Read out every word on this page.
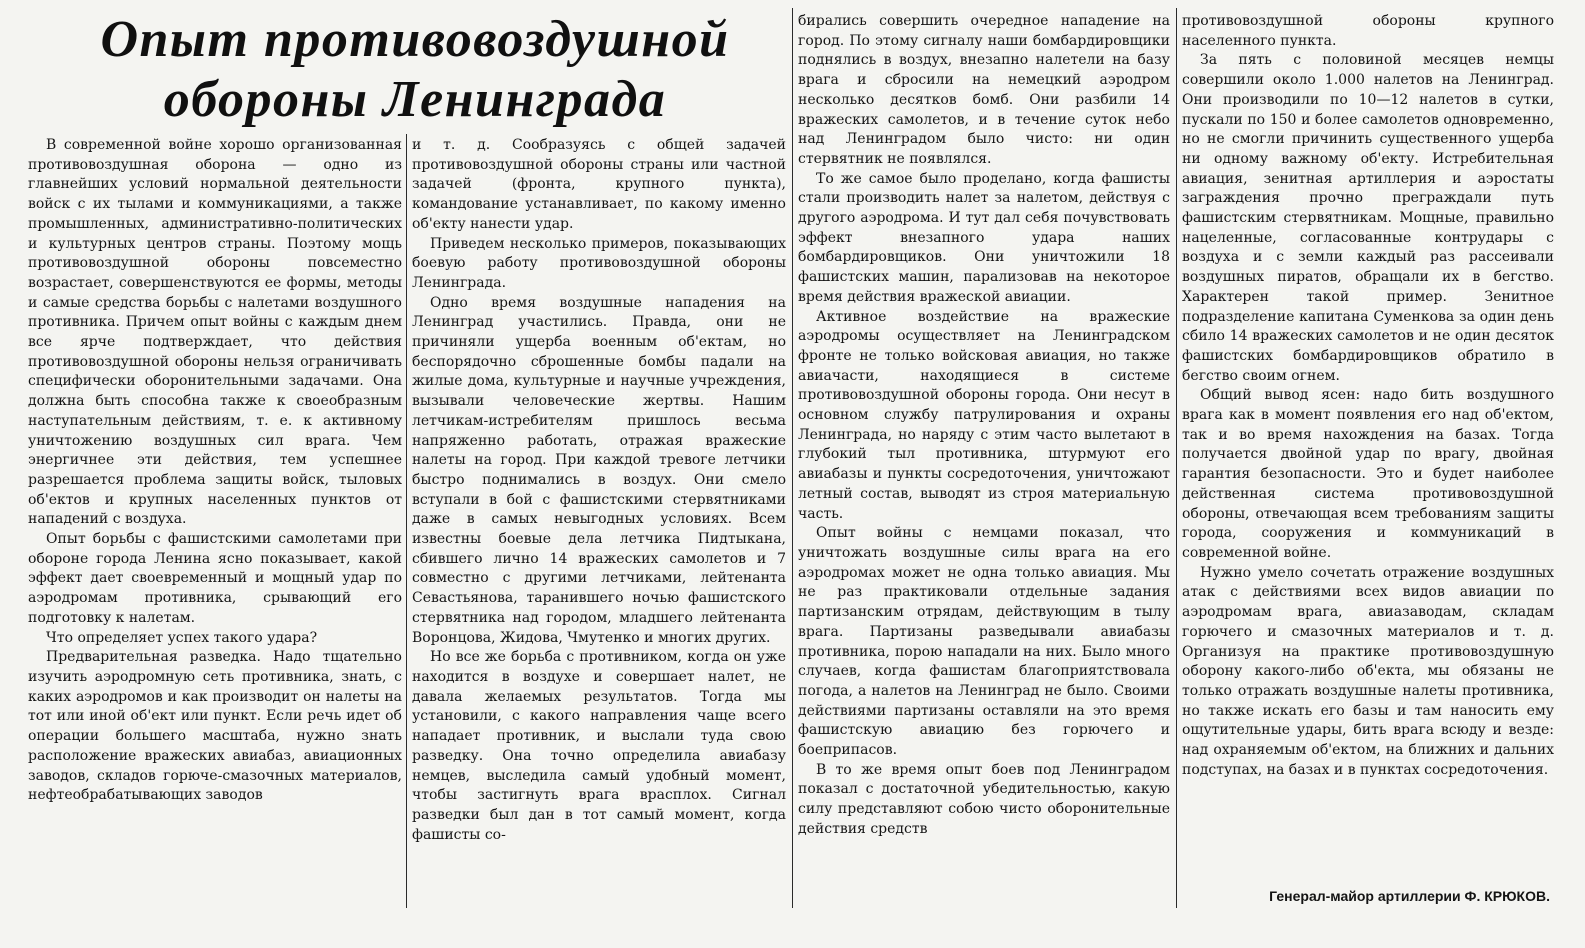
Опыт противовоздушной обороны Ленинграда

В современной войне хорошо организованная противовоздушная оборона — одно из главнейших условий нормальной деятельности войск с их тылами и коммуникациями, а также промышленных, административно-политических и культурных центров страны. Поэтому мощь противовоздушной обороны повсеместно возрастает, совершенствуются ее формы, методы и самые средства борьбы с налетами воздушного противника. Причем опыт войны с каждым днем все ярче подтверждает, что действия противовоздушной обороны нельзя ограничивать специфически оборонительными задачами. Она должна быть способна также к своеобразным наступательным действиям, т. е. к активному уничтожению воздушных сил врага. Чем энергичнее эти действия, тем успешнее разрешается проблема защиты войск, тыловых об'ектов и крупных населенных пунктов от нападений с воздуха.

Опыт борьбы с фашистскими самолетами при обороне города Ленина ясно показывает, какой эффект дает своевременный и мощный удар по аэродромам противника, срывающий его подготовку к налетам.

Что определяет успех такого удара?

Предварительная разведка. Надо тщательно изучить аэродромную сеть противника, знать, с каких аэродромов и как производит он налеты на тот или иной об'ект или пункт. Если речь идет об операции большего масштаба, нужно знать расположение вражеских авиабаз, авиационных заводов, складов горюче-смазочных материалов, нефтеобрабатывающих заводов

и т. д. Сообразуясь с общей задачей противовоздушной обороны страны или частной задачей (фронта, крупного пункта), командование устанавливает, по какому именно об'екту нанести удар.

Приведем несколько примеров, показывающих боевую работу противовоздушной обороны Ленинграда.

Одно время воздушные нападения на Ленинград участились. Правда, они не причиняли ущерба военным об'ектам, но беспорядочно сброшенные бомбы падали на жилые дома, культурные и научные учреждения, вызывали человеческие жертвы. Нашим летчикам-истребителям пришлось весьма напряженно работать, отражая вражеские налеты на город. При каждой тревоге летчики быстро поднимались в воздух. Они смело вступали в бой с фашистскими стервятниками даже в самых невыгодных условиях. Всем известны боевые дела летчика Пидтыкана, сбившего лично 14 вражеских самолетов и 7 совместно с другими летчиками, лейтенанта Севастьянова, таранившего ночью фашистского стервятника над городом, младшего лейтенанта Воронцова, Жидова, Чмутенко и многих других.

Но все же борьба с противником, когда он уже находится в воздухе и совершает налет, не давала желаемых результатов. Тогда мы установили, с какого направления чаще всего нападает противник, и выслали туда свою разведку. Она точно определила авиабазу немцев, выследила самый удобный момент, чтобы застигнуть врага врасплох. Сигнал разведки был дан в тот самый момент, когда фашисты со-

бирались совершить очередное нападение на город. По этому сигналу наши бомбардировщики поднялись в воздух, внезапно налетели на базу врага и сбросили на немецкий аэродром несколько десятков бомб. Они разбили 14 вражеских самолетов, и в течение суток небо над Ленинградом было чисто: ни один стервятник не появлялся.

То же самое было проделано, когда фашисты стали производить налет за налетом, действуя с другого аэродрома. И тут дал себя почувствовать эффект внезапного удара наших бомбардировщиков. Они уничтожили 18 фашистских машин, парализовав на некоторое время действия вражеской авиации.

Активное воздействие на вражеские аэродромы осуществляет на Ленинградском фронте не только войсковая авиация, но также авиачасти, находящиеся в системе противовоздушной обороны города. Они несут в основном службу патрулирования и охраны Ленинграда, но наряду с этим часто вылетают в глубокий тыл противника, штурмуют его авиабазы и пункты сосредоточения, уничтожают летный состав, выводят из строя материальную часть.

Опыт войны с немцами показал, что уничтожать воздушные силы врага на его аэродромах может не одна только авиация. Мы не раз практиковали отдельные задания партизанским отрядам, действующим в тылу врага. Партизаны разведывали авиабазы противника, порою нападали на них. Было много случаев, когда фашистам благоприятствовала погода, а налетов на Ленинград не было. Своими действиями партизаны оставляли на это время фашистскую авиацию без горючего и боеприпасов.

В то же время опыт боев под Ленинградом показал с достаточной убедительностью, какую силу представляют собою чисто оборонительные действия средств

противовоздушной обороны крупного населенного пункта.

За пять с половиной месяцев немцы совершили около 1.000 налетов на Ленинград. Они производили по 10—12 налетов в сутки, пускали по 150 и более самолетов одновременно, но не смогли причинить существенного ущерба ни одному важному об'екту. Истребительная авиация, зенитная артиллерия и аэростаты заграждения прочно преграждали путь фашистским стервятникам. Мощные, правильно нацеленные, согласованные контрудары с воздуха и с земли каждый раз рассеивали воздушных пиратов, обращали их в бегство. Характерен такой пример. Зенитное подразделение капитана Суменкова за один день сбило 14 вражеских самолетов и не один десяток фашистских бомбардировщиков обратило в бегство своим огнем.

Общий вывод ясен: надо бить воздушного врага как в момент появления его над об'ектом, так и во время нахождения на базах. Тогда получается двойной удар по врагу, двойная гарантия безопасности. Это и будет наиболее действенная система противовоздушной обороны, отвечающая всем требованиям защиты города, сооружения и коммуникаций в современной войне.

Нужно умело сочетать отражение воздушных атак с действиями всех видов авиации по аэродромам врага, авиазаводам, складам горючего и смазочных материалов и т. д. Организуя на практике противовоздушную оборону какого-либо об'екта, мы обязаны не только отражать воздушные налеты противника, но также искать его базы и там наносить ему ощутительные удары, бить врага всюду и везде: над охраняемым об'ектом, на ближних и дальних подступах, на базах и в пунктах сосредоточения.

Генерал-майор артиллерии Ф. КРЮКОВ.
